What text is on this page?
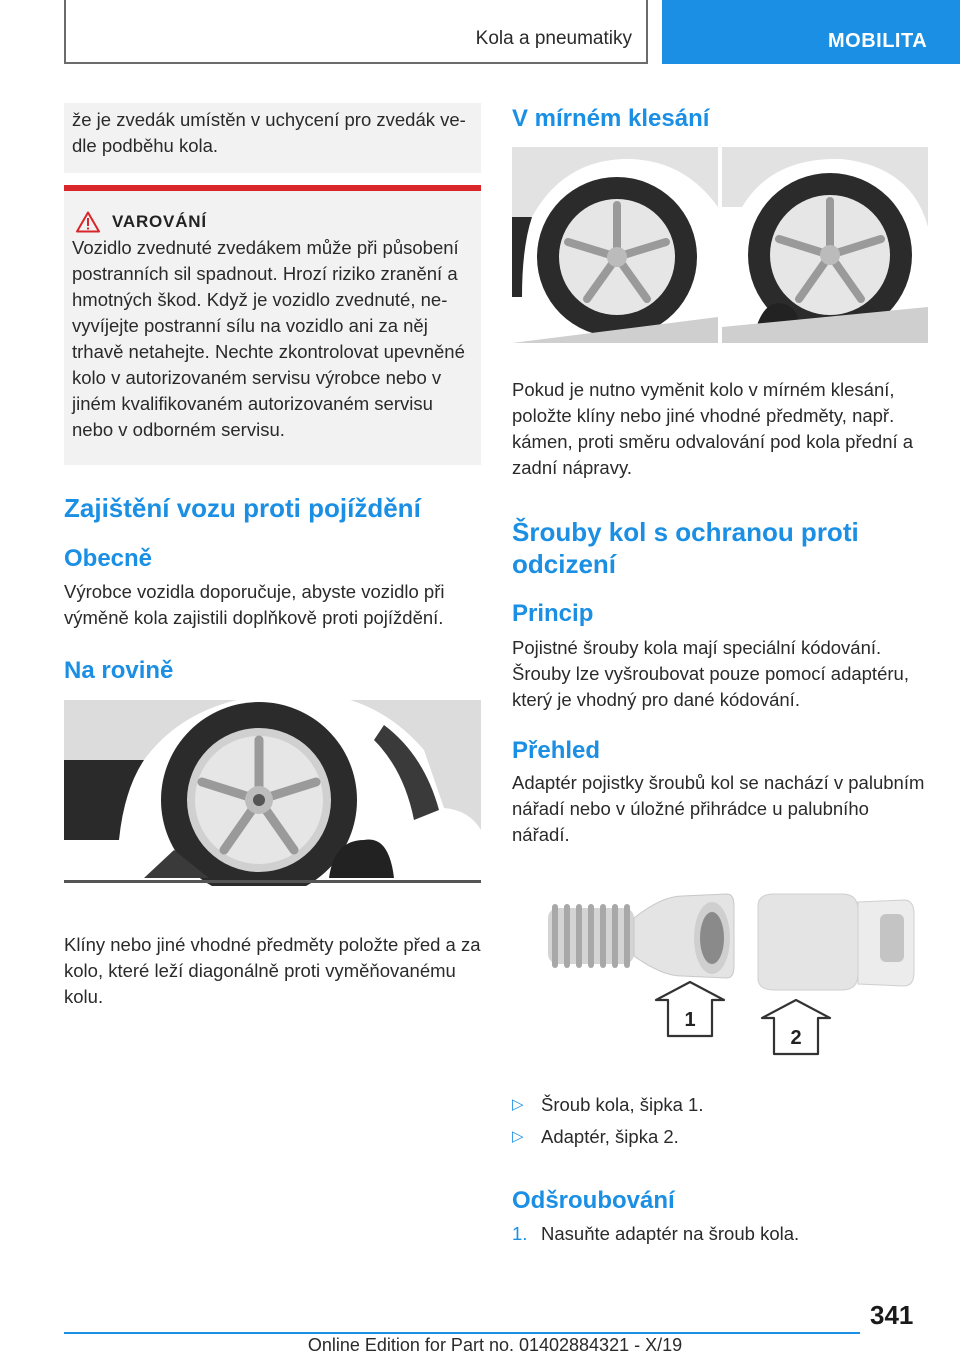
Kola a pneumatiky	MOBILITA

že je zvedák umístěn v uchycení pro zvedák vedle podběhu kola.

VAROVÁNÍ

Vozidlo zvednuté zvedákem může při působení postranních sil spadnout. Hrozí riziko zranění a hmotných škod. Když je vozidlo zvednuté, nevyvíjejte postranní sílu na vozidlo ani za něj trhavě netahejte. Nechte zkontrolovat upevněné kolo v autorizovaném servisu výrobce nebo v jiném kvalifikovaném autorizovaném servisu nebo v odborném servisu.

Zajištění vozu proti pojíždění
Obecně

Výrobce vozidla doporučuje, abyste vozidlo při výměně kola zajistili doplňkově proti pojíždění.

Na rovině

Klíny nebo jiné vhodné předměty položte před a za kolo, které leží diagonálně proti vyměňovanému kolu.

V mírném klesání

Pokud je nutno vyměnit kolo v mírném klesání, položte klíny nebo jiné vhodné předměty, např. kámen, proti směru odvalování pod kola přední a zadní nápravy.

Šrouby kol s ochranou proti odcizení
Princip

Pojistné šrouby kola mají speciální kódování. Šrouby lze vyšroubovat pouze pomocí adaptéru, který je vhodný pro dané kódování.

Přehled

Adaptér pojistky šroubů kol se nachází v palubním nářadí nebo v úložné přihrádce u palubního nářadí.

1
2
▷ Šroub kola, šipka 1.
▷ Adaptér, šipka 2.
Odšroubování
1. Nasuňte adaptér na šroub kola.
341
Online Edition for Part no. 01402884321 - X/19
